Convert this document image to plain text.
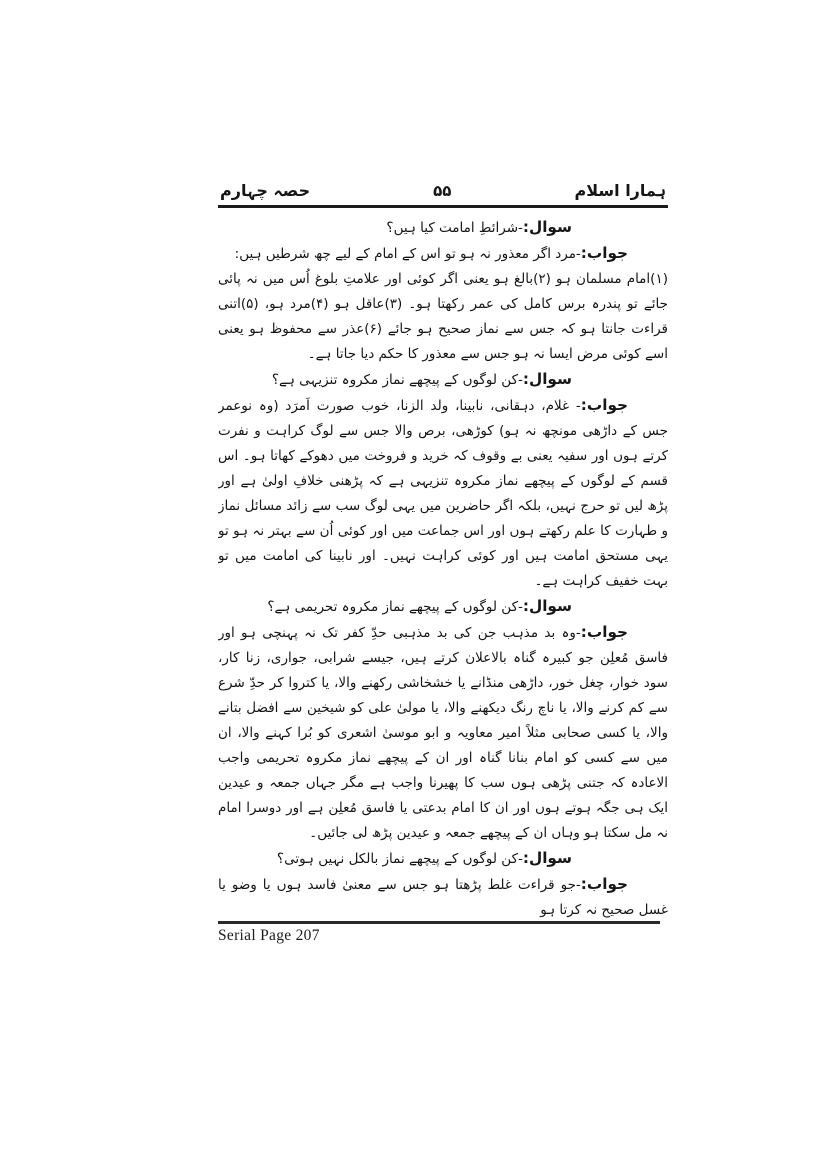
ہمارا اسلام
۵۵
حصہ چہارم

سوال:-شرائطِ امامت کیا ہیں؟

جواب:-مرد اگر معذور نہ ہو تو اس کے امام کے لیے چھ شرطیں ہیں:

(۱)امام مسلمان ہو (۲)بالغ ہو یعنی اگر کوئی اور علامتِ بلوغ اُس میں نہ پائی جائے تو پندرہ برس کامل کی عمر رکھتا ہو۔ (۳)عاقل ہو (۴)مرد ہو، (۵)اتنی قراءت جانتا ہو کہ جس سے نماز صحیح ہو جائے (۶)عذر سے محفوظ ہو یعنی اسے کوئی مرض ایسا نہ ہو جس سے معذور کا حکم دیا جاتا ہے۔

سوال:-کن لوگوں کے پیچھے نماز مکروہ تنزیہی ہے؟

جواب:- غلام، دہقانی، نابینا، ولد الزنا، خوب صورت اَمرَد (وہ نوعمر جس کے داڑھی مونچھ نہ ہو) کوڑھی، برص والا جس سے لوگ کراہت و نفرت کرتے ہوں اور سفیہ یعنی بے وقوف کہ خرید و فروخت میں دھوکے کھاتا ہو۔ اس قسم کے لوگوں کے پیچھے نماز مکروہ تنزیہی ہے کہ پڑھنی خلافِ اولیٰ ہے اور پڑھ لیں تو حرج نہیں، بلکہ اگر حاضرین میں یہی لوگ سب سے زائد مسائل نماز و طہارت کا علم رکھتے ہوں اور اس جماعت میں اور کوئی اُن سے بہتر نہ ہو تو یہی مستحق امامت ہیں اور کوئی کراہت نہیں۔ اور نابینا کی امامت میں تو بہت خفیف کراہت ہے۔

سوال:-کن لوگوں کے پیچھے نماز مکروہ تحریمی ہے؟

جواب:-وہ بد مذہب جن کی بد مذہبی حدِّ کفر تک نہ پہنچی ہو اور فاسق مُعلِن جو کبیرہ گناہ بالاعلان کرتے ہیں، جیسے شرابی، جواری، زنا کار، سود خوار، چغل خور، داڑھی منڈانے یا خشخاشی رکھنے والا، یا کتروا کر حدِّ شرع سے کم کرنے والا، یا ناچ رنگ دیکھنے والا، یا مولیٰ علی کو شیخین سے افضل بتانے والا، یا کسی صحابی مثلاً امیر معاویہ و ابو موسیٰ اشعری کو بُرا کہنے والا، ان میں سے کسی کو امام بنانا گناہ اور ان کے پیچھے نماز مکروہ تحریمی واجب الاعادہ کہ جتنی پڑھی ہوں سب کا پھیرنا واجب ہے مگر جہاں جمعہ و عیدین ایک ہی جگہ ہوتے ہوں اور ان کا امام بدعتی یا فاسق مُعلِن ہے اور دوسرا امام نہ مل سکتا ہو وہاں ان کے پیچھے جمعہ و عیدین پڑھ لی جائیں۔

سوال:-کن لوگوں کے پیچھے نماز بالکل نہیں ہوتی؟

جواب:-جو قراءت غلط پڑھتا ہو جس سے معنیٰ فاسد ہوں یا وضو یا غسل صحیح نہ کرتا ہو

Serial Page 207
